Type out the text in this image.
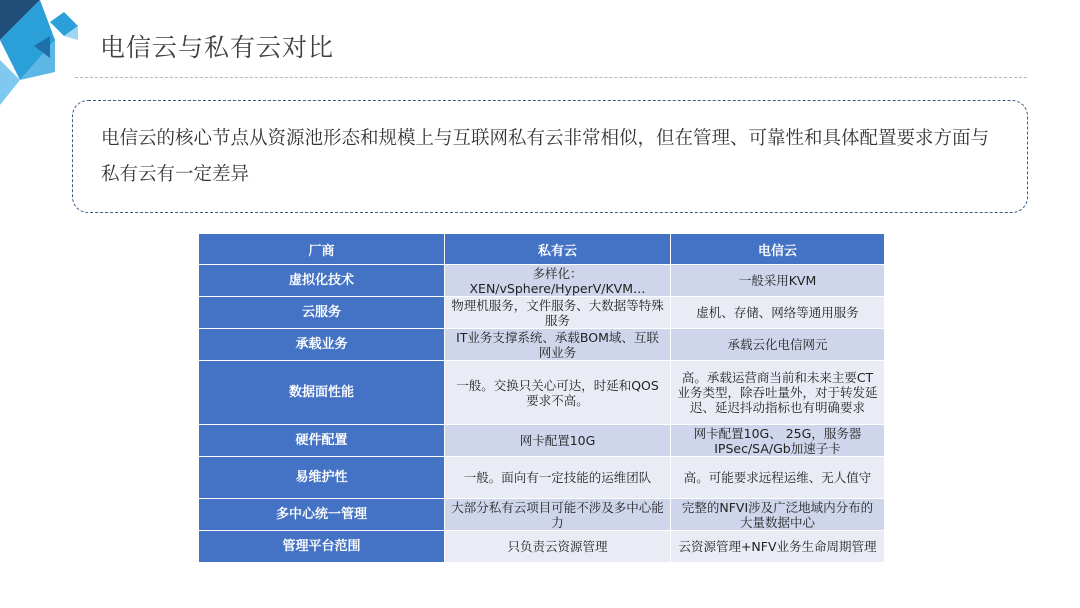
电信云与私有云对比
电信云的核心节点从资源池形态和规模上与互联网私有云非常相似，但在管理、可靠性和具体配置要求方面与私有云有一定差异
厂商	私有云	电信云
虚拟化技术	多样化：XEN/vSphere/HyperV/KVM…	一般采用KVM
云服务	物理机服务，文件服务、大数据等特殊服务	虚机、存储、网络等通用服务
承载业务	IT业务支撑系统、承载BOM域、互联网业务	承载云化电信网元
数据面性能	一般。交换只关心可达，时延和QOS要求不高。	高。承载运营商当前和未来主要CT业务类型，除吞吐量外，对于转发延迟、延迟抖动指标也有明确要求
硬件配置	网卡配置10G	网卡配置10G、 25G，服务器IPSec/SA/Gb加速子卡
易维护性	一般。面向有一定技能的运维团队	高。可能要求远程运维、无人值守
多中心统一管理	大部分私有云项目可能不涉及多中心能力	完整的NFVI涉及广泛地域内分布的大量数据中心
管理平台范围	只负责云资源管理	云资源管理+NFV业务生命周期管理
